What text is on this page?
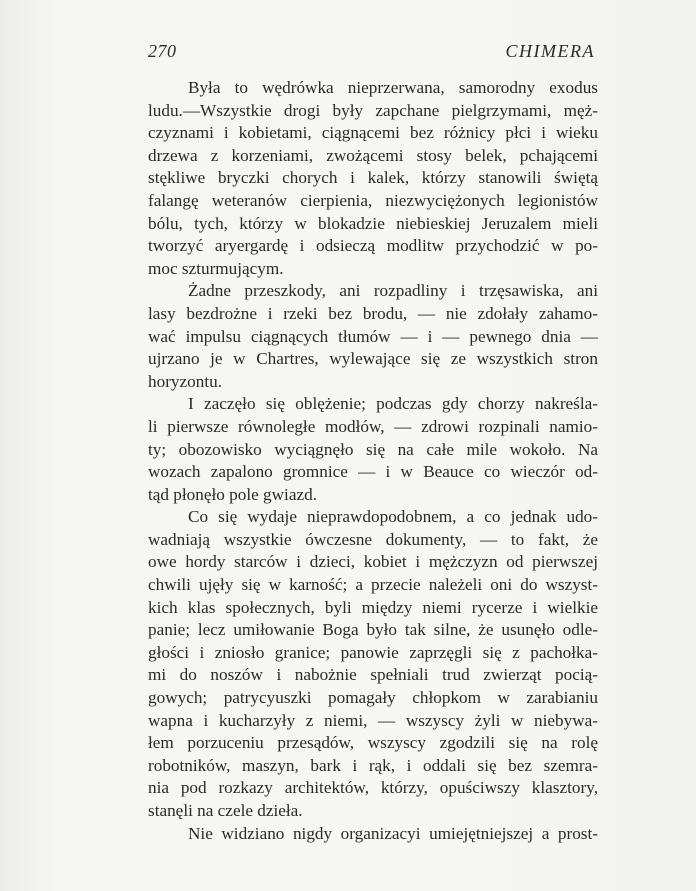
270	CHIMERA
Była to wędrówka nieprzerwana, samorodny exodus
ludu.—Wszystkie drogi były zapchane pielgrzymami, męż-
czyznami i kobietami, ciągnącemi bez różnicy płci i wieku
drzewa z korzeniami, zwożącemi stosy belek, pchającemi
stękliwe bryczki chorych i kalek, którzy stanowili świętą
falangę weteranów cierpienia, niezwyciężonych legionistów
bólu, tych, którzy w blokadzie niebieskiej Jeruzalem mieli
tworzyć aryergardę i odsieczą modlitw przychodzić w po-
moc szturmującym.
Żadne przeszkody, ani rozpadliny i trzęsawiska, ani
lasy bezdrożne i rzeki bez brodu, — nie zdołały zahamo-
wać impulsu ciągnących tłumów — i — pewnego dnia —
ujrzano je w Chartres, wylewające się ze wszystkich stron
horyzontu.
I zaczęło się oblężenie; podczas gdy chorzy nakreśla-
li pierwsze równoległe modłów, — zdrowi rozpinali namio-
ty; obozowisko wyciągnęło się na całe mile wokoło. Na
wozach zapalono gromnice — i w Beauce co wieczór od-
tąd płonęło pole gwiazd.
Co się wydaje nieprawdopodobnem, a co jednak udo-
wadniają wszystkie ówczesne dokumenty, — to fakt, że
owe hordy starców i dzieci, kobiet i mężczyzn od pierwszej
chwili ujęły się w karność; a przecie należeli oni do wszyst-
kich klas społecznych, byli między niemi rycerze i wielkie
panie; lecz umiłowanie Boga było tak silne, że usunęło odle-
głości i zniosło granice; panowie zaprzęgli się z pachołka-
mi do noszów i nabożnie spełniali trud zwierząt pocią-
gowych; patrycyuszki pomagały chłopkom w zarabianiu
wapna i kucharzyły z niemi, — wszyscy żyli w niebywa-
łem porzuceniu przesądów, wszyscy zgodzili się na rolę
robotników, maszyn, bark i rąk, i oddali się bez szemra-
nia pod rozkazy architektów, którzy, opuściwszy klasztory,
stanęli na czele dzieła.
Nie widziano nigdy organizacyi umiejętniejszej a prost-
